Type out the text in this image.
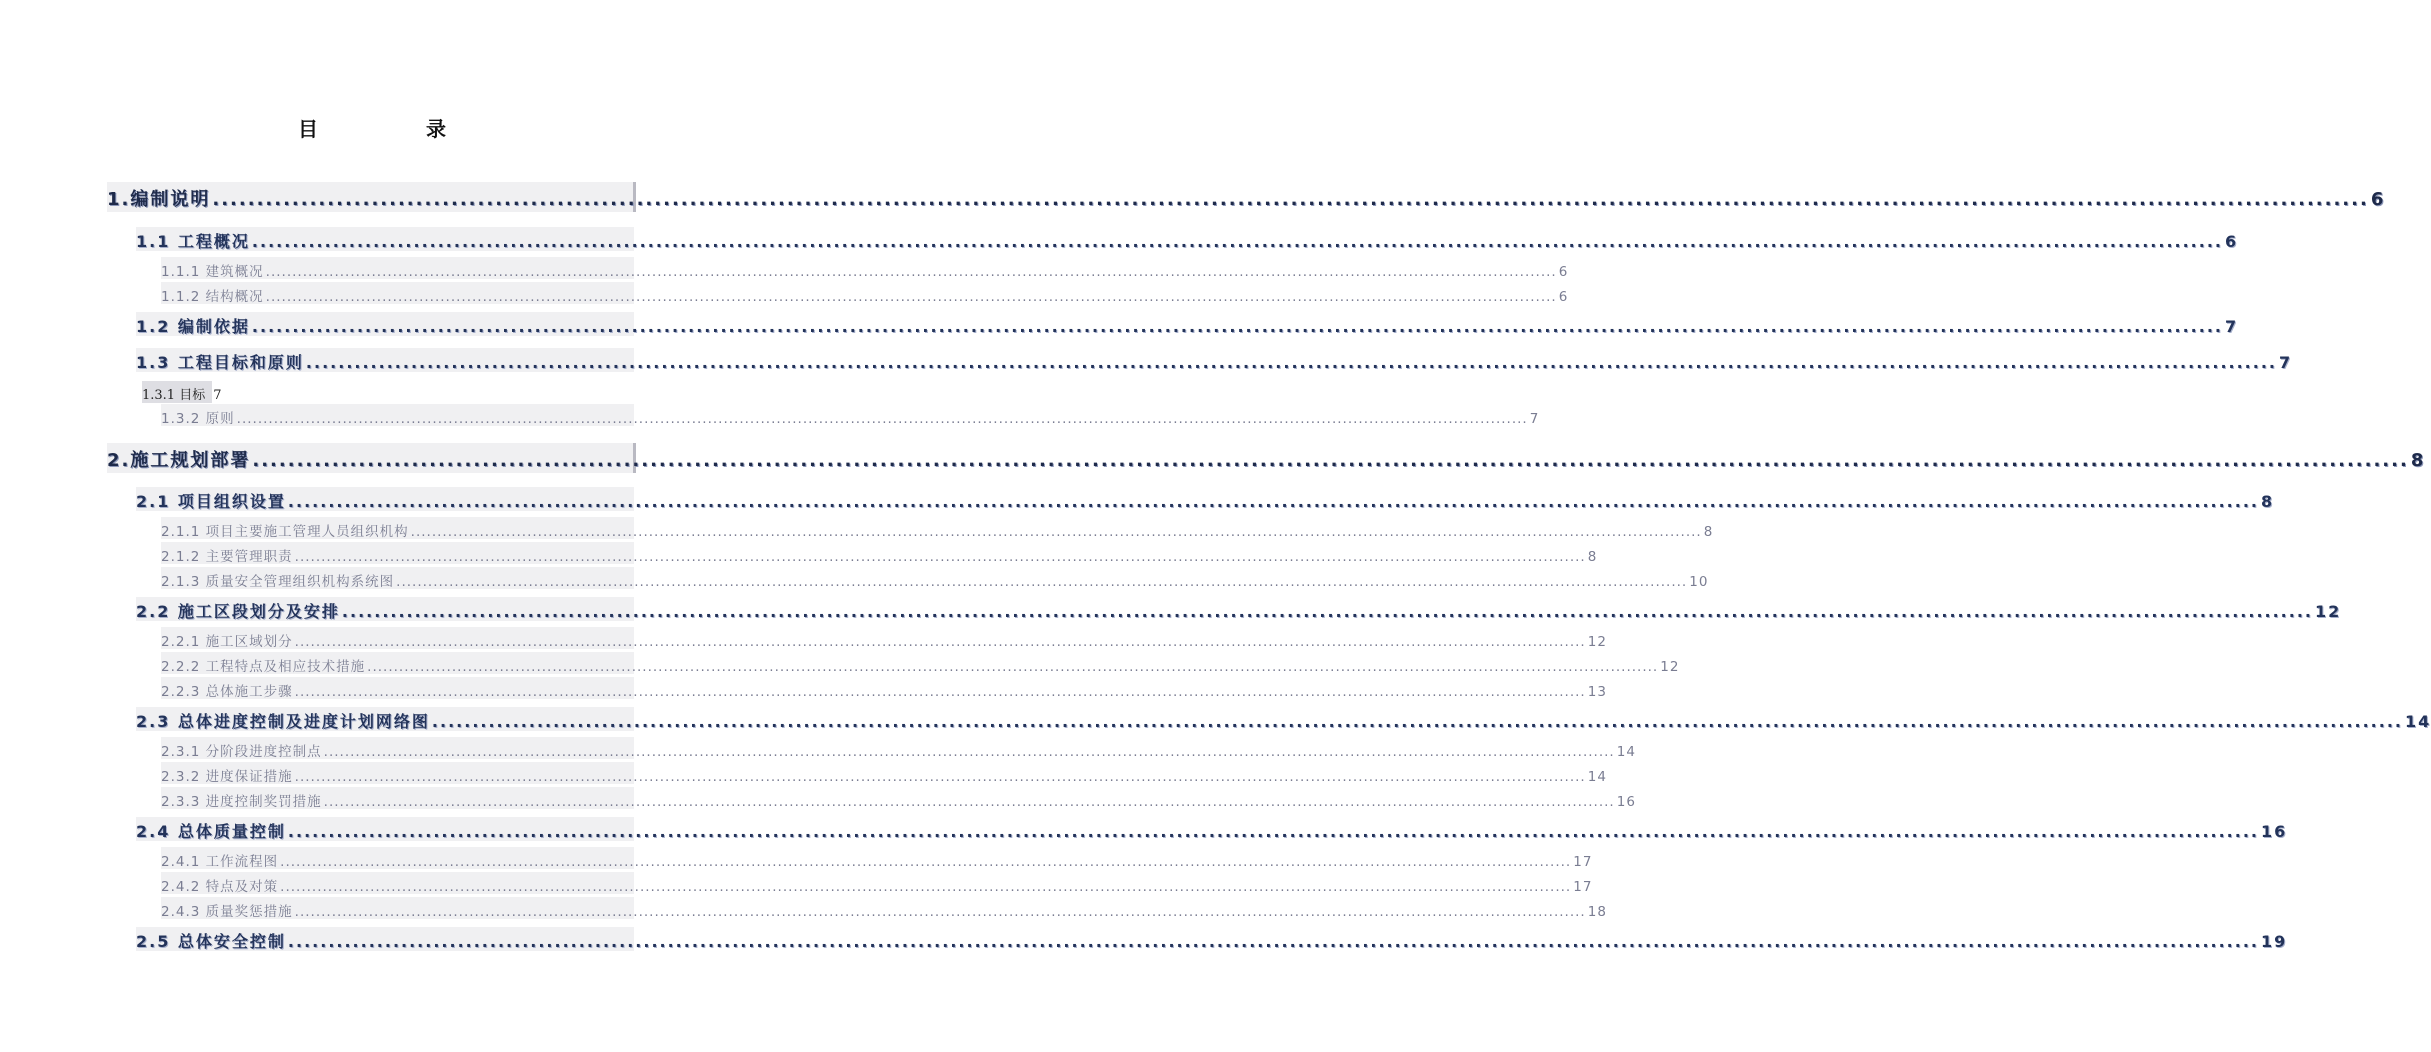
目　录
1.编制说明 .....	6
1.1 工程概况 .....	6
1.1.1 建筑概况 .....	6
1.1.2 结构概况 .....	6
1.2 编制依据 .....	7
1.3 工程目标和原则 .....	7
1.3.1 目标 7
1.3.2 原则 .....	7
2.施工规划部署 .....	8
2.1 项目组织设置 .....	8
2.1.1 项目主要施工管理人员组织机构 .....	8
2.1.2 主要管理职责 .....	8
2.1.3 质量安全管理组织机构系统图 .....	10
2.2 施工区段划分及安排 .....	12
2.2.1 施工区域划分 .....	12
2.2.2 工程特点及相应技术措施 .....	12
2.2.3 总体施工步骤 .....	13
2.3 总体进度控制及进度计划网络图 .....	14
2.3.1 分阶段进度控制点 .....	14
2.3.2 进度保证措施 .....	14
2.3.3 进度控制奖罚措施 .....	16
2.4 总体质量控制 .....	16
2.4.1 工作流程图 .....	17
2.4.2 特点及对策 .....	17
2.4.3 质量奖惩措施 .....	18
2.5 总体安全控制 .....	19
